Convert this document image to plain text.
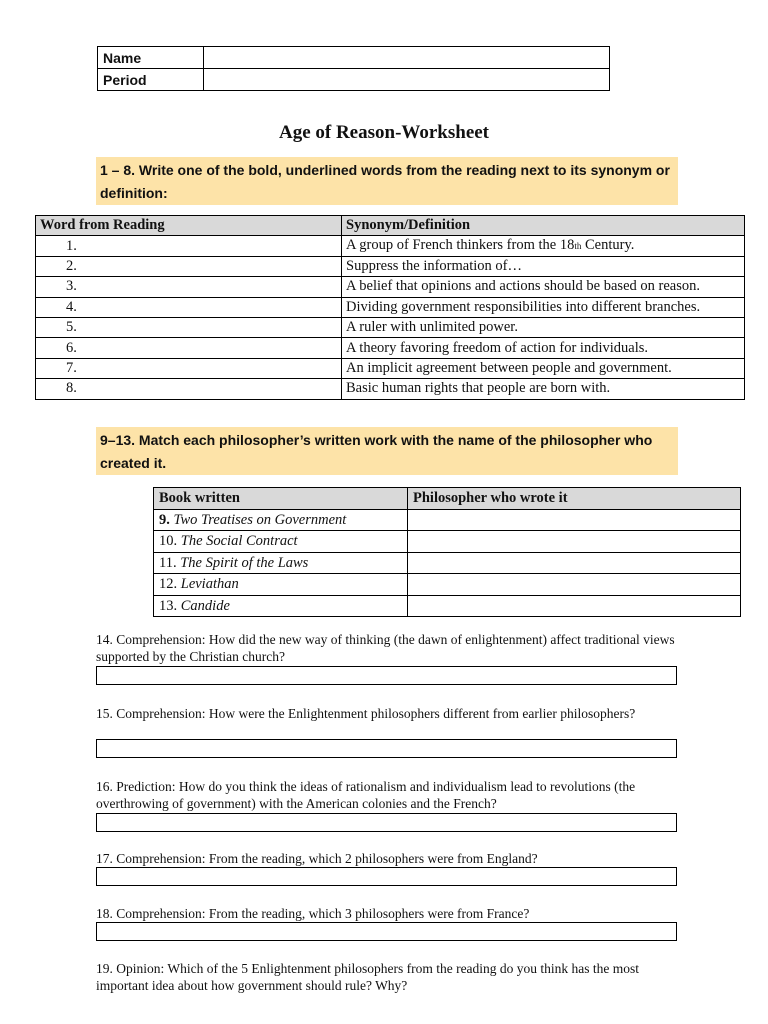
Name	
Period	
Age of Reason-Worksheet
1 – 8. Write one of the bold, underlined words from the reading next to its synonym or definition:
Word from Reading	Synonym/Definition
1.	A group of French thinkers from the 18th Century.
2.	Suppress the information of…
3.	A belief that opinions and actions should be based on reason.
4.	Dividing government responsibilities into different branches.
5.	A ruler with unlimited power.
6.	A theory favoring freedom of action for individuals.
7.	An implicit agreement between people and government.
8.	Basic human rights that people are born with.
9–13. Match each philosopher’s written work with the name of the philosopher who created it.
Book written	Philosopher who wrote it
9. Two Treatises on Government	
10. The Social Contract	
11. The Spirit of the Laws	
12. Leviathan	
13. Candide	
14. Comprehension: How did the new way of thinking (the dawn of enlightenment) affect traditional views supported by the Christian church?
15. Comprehension: How were the Enlightenment philosophers different from earlier philosophers?
16. Prediction: How do you think the ideas of rationalism and individualism lead to revolutions (the overthrowing of government) with the American colonies and the French?
17. Comprehension: From the reading, which 2 philosophers were from England?
18. Comprehension: From the reading, which 3 philosophers were from France?
19. Opinion: Which of the 5 Enlightenment philosophers from the reading do you think has the most important idea about how government should rule? Why?
